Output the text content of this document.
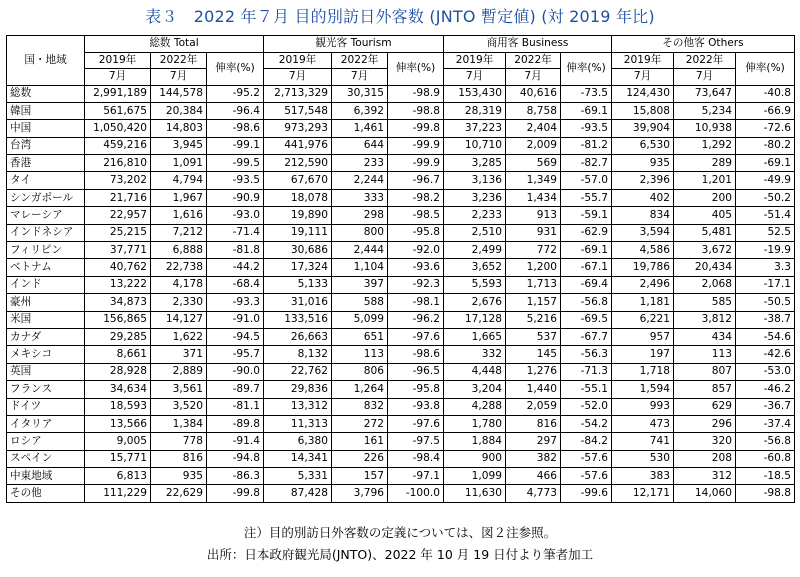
表３　2022 年７月 目的別訪日外客数 (JNTO 暫定値) (対 2019 年比)
国・地域	総数 Total			観光客 Tourism			商用客 Business			その他客 Others		
	2019年	2022年	伸率(%)	2019年	2022年	伸率(%)	2019年	2022年	伸率(%)	2019年	2022年	伸率(%)
	7月	7月		7月	7月		7月	7月		7月	7月	
総数	2,991,189	144,578	-95.2	2,713,329	30,315	-98.9	153,430	40,616	-73.5	124,430	73,647	-40.8
韓国	561,675	20,384	-96.4	517,548	6,392	-98.8	28,319	8,758	-69.1	15,808	5,234	-66.9
中国	1,050,420	14,803	-98.6	973,293	1,461	-99.8	37,223	2,404	-93.5	39,904	10,938	-72.6
台湾	459,216	3,945	-99.1	441,976	644	-99.9	10,710	2,009	-81.2	6,530	1,292	-80.2
香港	216,810	1,091	-99.5	212,590	233	-99.9	3,285	569	-82.7	935	289	-69.1
タイ	73,202	4,794	-93.5	67,670	2,244	-96.7	3,136	1,349	-57.0	2,396	1,201	-49.9
シンガポール	21,716	1,967	-90.9	18,078	333	-98.2	3,236	1,434	-55.7	402	200	-50.2
マレーシア	22,957	1,616	-93.0	19,890	298	-98.5	2,233	913	-59.1	834	405	-51.4
インドネシア	25,215	7,212	-71.4	19,111	800	-95.8	2,510	931	-62.9	3,594	5,481	52.5
フィリピン	37,771	6,888	-81.8	30,686	2,444	-92.0	2,499	772	-69.1	4,586	3,672	-19.9
ベトナム	40,762	22,738	-44.2	17,324	1,104	-93.6	3,652	1,200	-67.1	19,786	20,434	3.3
インド	13,222	4,178	-68.4	5,133	397	-92.3	5,593	1,713	-69.4	2,496	2,068	-17.1
豪州	34,873	2,330	-93.3	31,016	588	-98.1	2,676	1,157	-56.8	1,181	585	-50.5
米国	156,865	14,127	-91.0	133,516	5,099	-96.2	17,128	5,216	-69.5	6,221	3,812	-38.7
カナダ	29,285	1,622	-94.5	26,663	651	-97.6	1,665	537	-67.7	957	434	-54.6
メキシコ	8,661	371	-95.7	8,132	113	-98.6	332	145	-56.3	197	113	-42.6
英国	28,928	2,889	-90.0	22,762	806	-96.5	4,448	1,276	-71.3	1,718	807	-53.0
フランス	34,634	3,561	-89.7	29,836	1,264	-95.8	3,204	1,440	-55.1	1,594	857	-46.2
ドイツ	18,593	3,520	-81.1	13,312	832	-93.8	4,288	2,059	-52.0	993	629	-36.7
イタリア	13,566	1,384	-89.8	11,313	272	-97.6	1,780	816	-54.2	473	296	-37.4
ロシア	9,005	778	-91.4	6,380	161	-97.5	1,884	297	-84.2	741	320	-56.8
スペイン	15,771	816	-94.8	14,341	226	-98.4	900	382	-57.6	530	208	-60.8
中東地域	6,813	935	-86.3	5,331	157	-97.1	1,099	466	-57.6	383	312	-18.5
その他	111,229	22,629	-99.8	87,428	3,796	-100.0	11,630	4,773	-99.6	12,171	14,060	-98.8
注）目的別訪日外客数の定義については、図２注参照。
出所：日本政府観光局(JNTO)、2022 年 10 月 19 日付より筆者加工
